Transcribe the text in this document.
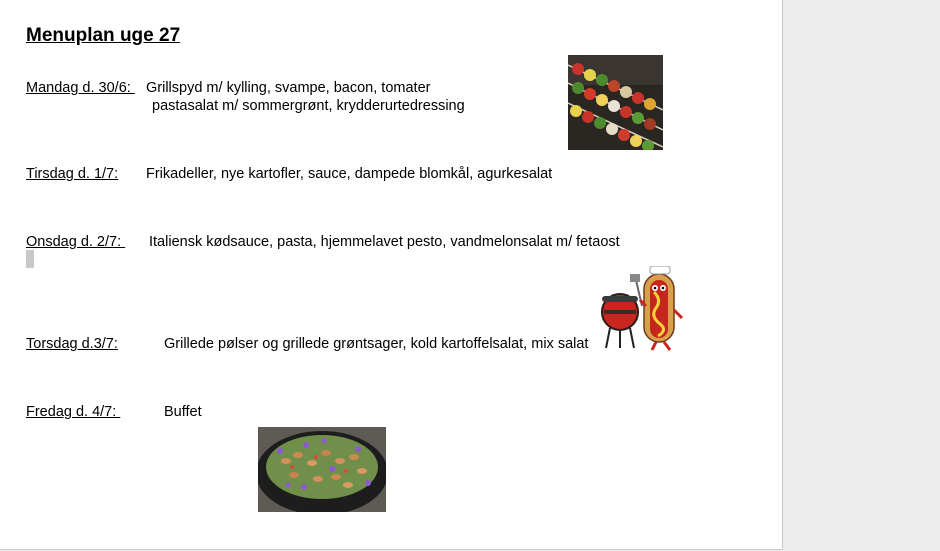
Menuplan uge 27
Mandag d. 30/6: Grillspyd m/ kylling, svampe, bacon, tomater
pastasalat m/ sommergrønt, krydderurtedressing
Tirsdag d. 1/7: Frikadeller, nye kartofler, sauce, dampede blomkål, agurkesalat
Onsdag d. 2/7: Italiensk kødsauce, pasta, hjemmelavet pesto, vandmelonsalat m/ fetaost
Torsdag d.3/7:	Grillede pølser og grillede grøntsager, kold kartoffelsalat, mix salat
Fredag d. 4/7:	Buffet
